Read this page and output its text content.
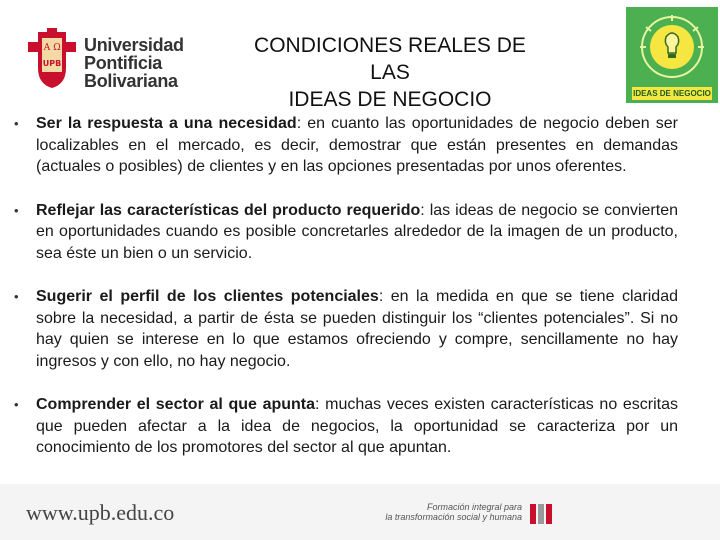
A Ω
UPB
Universidad
Pontificia
Bolivariana
CONDICIONES REALES DE LAS
IDEAS DE NEGOCIO	IDEAS DE NEGOCIO
• Ser la respuesta a una necesidad: en cuanto las oportunidades de negocio deben ser localizables en el mercado, es decir, demostrar que están presentes en demandas (actuales o posibles) de clientes y en las opciones presentadas por unos oferentes.
• Reflejar las características del producto requerido: las ideas de negocio se convierten en oportunidades cuando es posible concretarles alrededor de la imagen de un producto, sea éste un bien o un servicio.
• Sugerir el perfil de los clientes potenciales: en la medida en que se tiene claridad sobre la necesidad, a partir de ésta se pueden distinguir los “clientes potenciales”. Si no hay quien se interese en lo que estamos ofreciendo y compre, sencillamente no hay ingresos y con ello, no hay negocio.
• Comprender el sector al que apunta: muchas veces existen características no escritas que pueden afectar a la idea de negocios, la oportunidad se caracteriza por un conocimiento de los promotores del sector al que apuntan.
www.upb.edu.co	Formación integral para
la transformación social y humana
